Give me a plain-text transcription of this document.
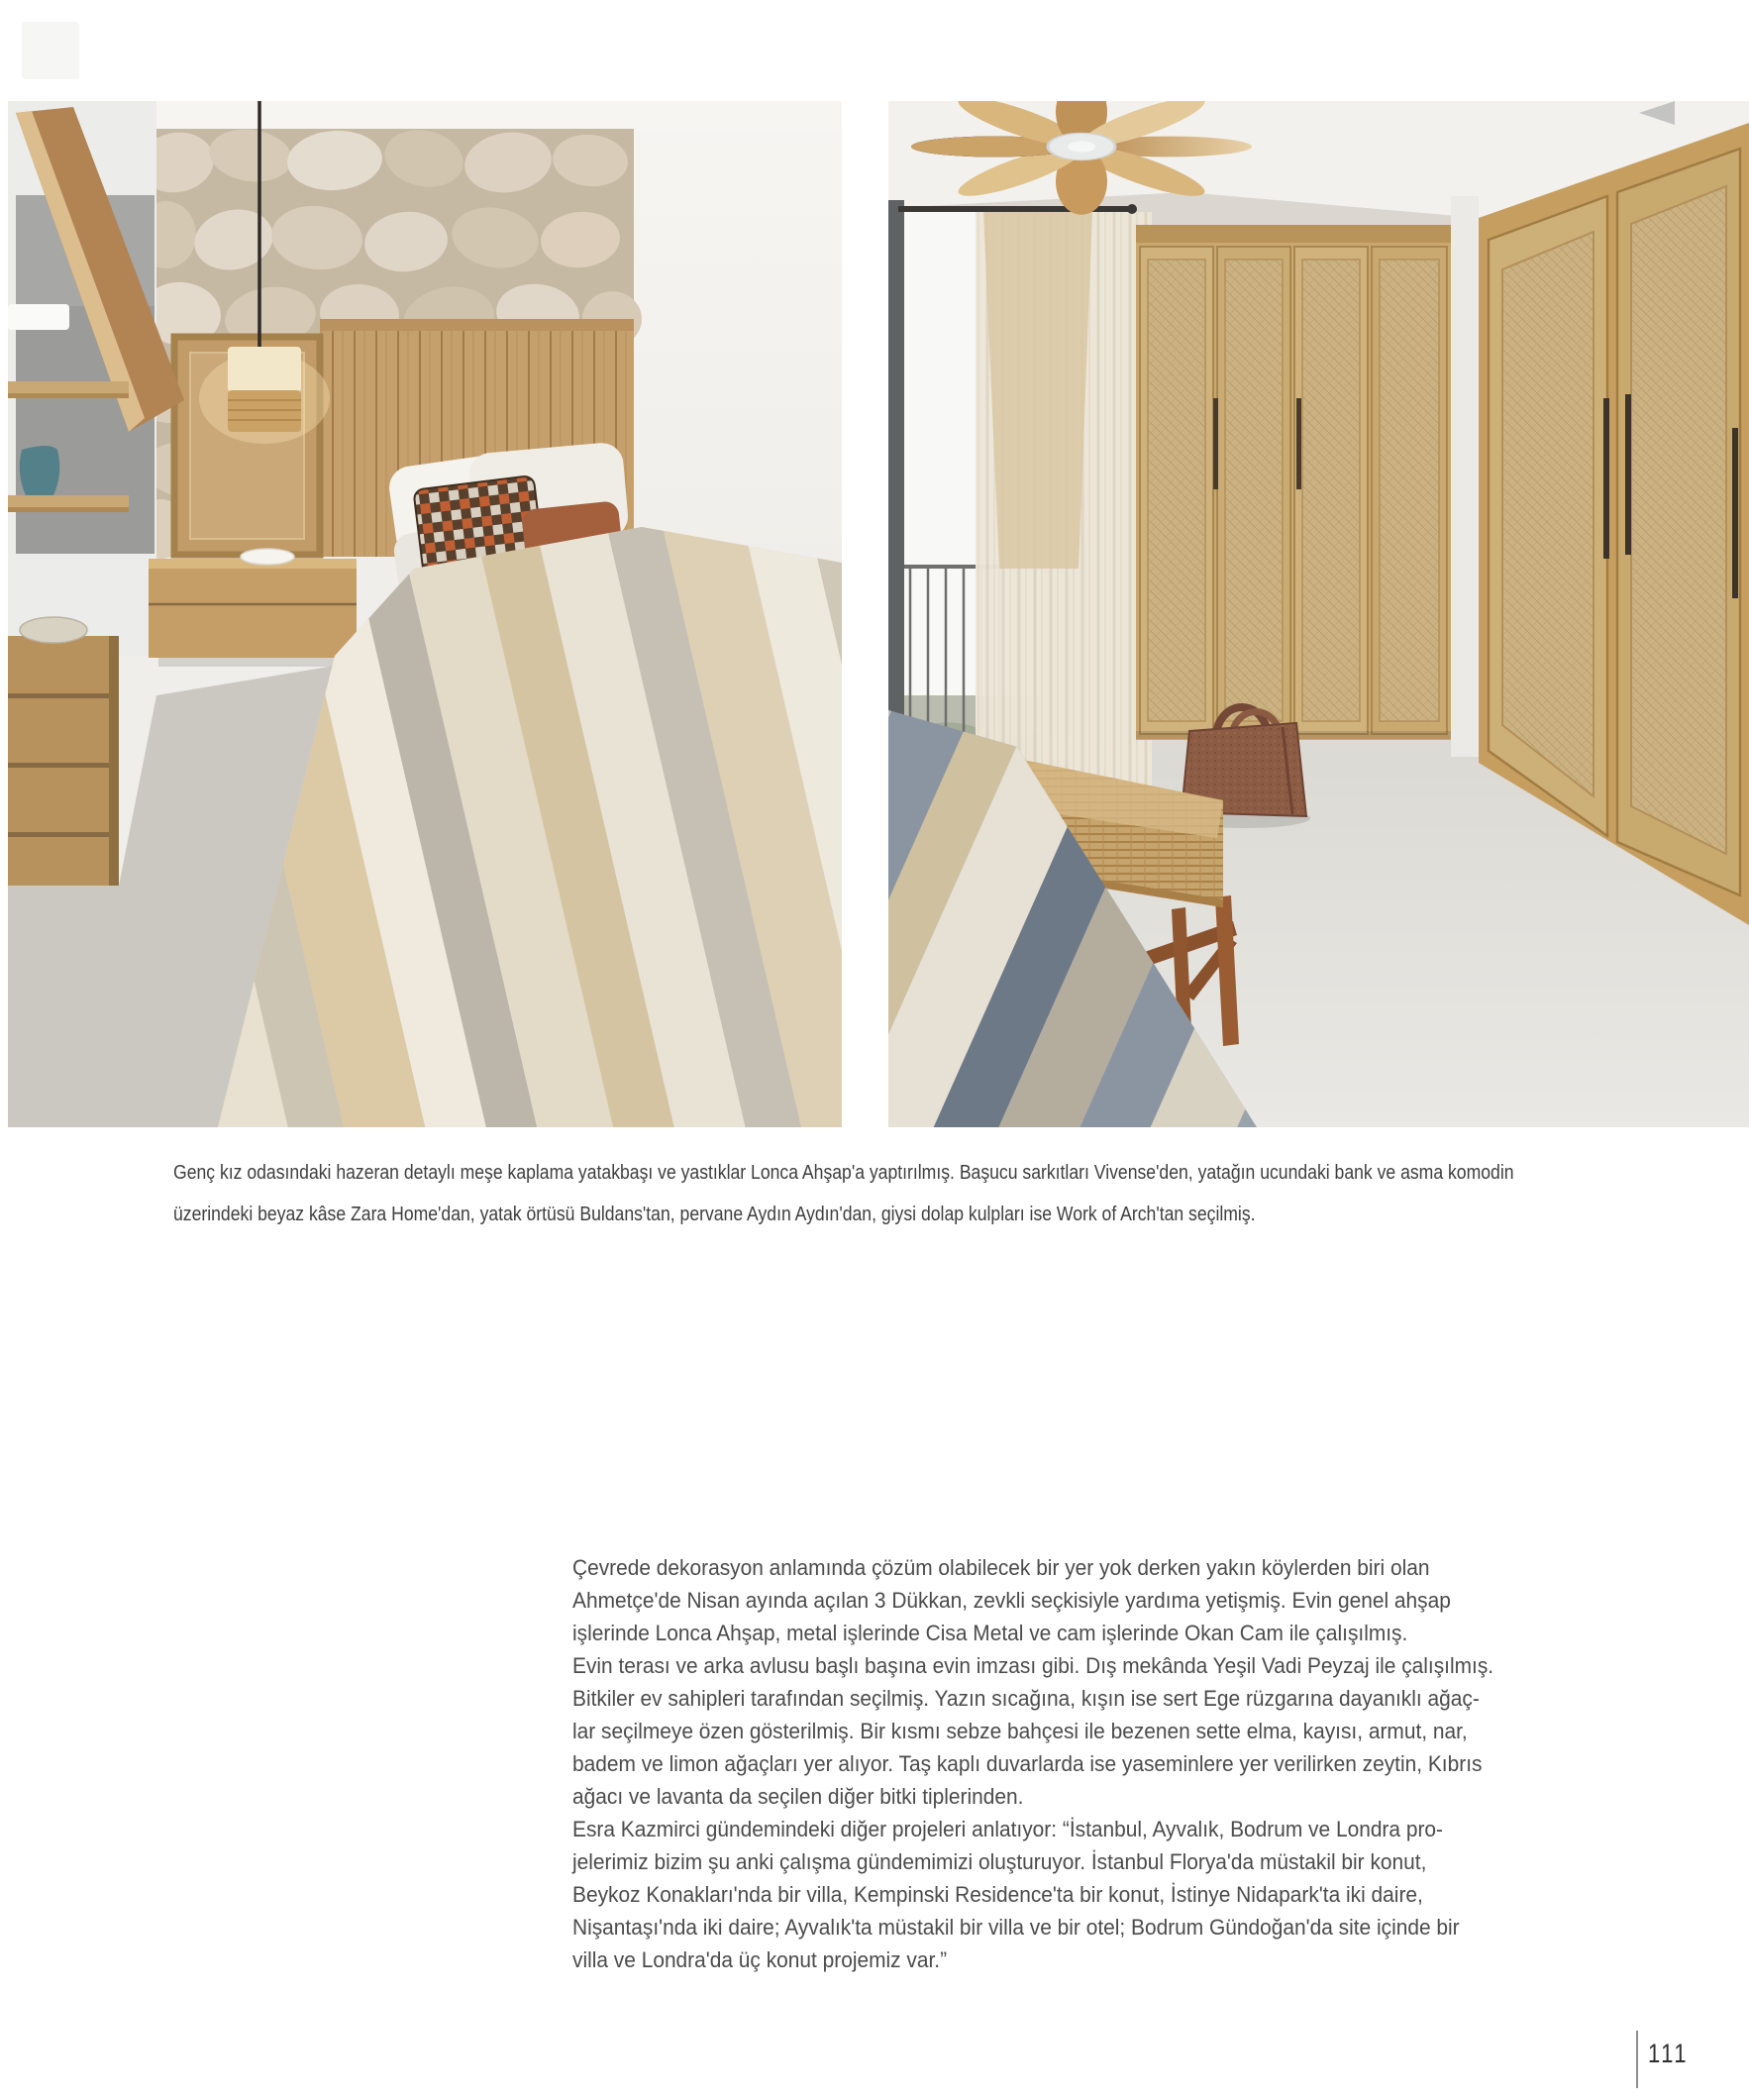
Genç kız odasındaki hazeran detaylı meşe kaplama yatakbaşı ve yastıklar Lonca Ahşap'a yaptırılmış. Başucu sarkıtları Vivense'den, yatağın ucundaki bank ve asma komodin
üzerindeki beyaz kâse Zara Home'dan, yatak örtüsü Buldans'tan, pervane Aydın Aydın'dan, giysi dolap kulpları ise Work of Arch'tan seçilmiş.
Çevrede dekorasyon anlamında çözüm olabilecek bir yer yok derken yakın köylerden biri olan
Ahmetçe'de Nisan ayında açılan 3 Dükkan, zevkli seçkisiyle yardıma yetişmiş. Evin genel ahşap
işlerinde Lonca Ahşap, metal işlerinde Cisa Metal ve cam işlerinde Okan Cam ile çalışılmış.
Evin terası ve arka avlusu başlı başına evin imzası gibi. Dış mekânda Yeşil Vadi Peyzaj ile çalışılmış.
Bitkiler ev sahipleri tarafından seçilmiş. Yazın sıcağına, kışın ise sert Ege rüzgarına dayanıklı ağaç-
lar seçilmeye özen gösterilmiş. Bir kısmı sebze bahçesi ile bezenen sette elma, kayısı, armut, nar,
badem ve limon ağaçları yer alıyor. Taş kaplı duvarlarda ise yaseminlere yer verilirken zeytin, Kıbrıs
ağacı ve lavanta da seçilen diğer bitki tiplerinden.
Esra Kazmirci gündemindeki diğer projeleri anlatıyor: “İstanbul, Ayvalık, Bodrum ve Londra pro-
jelerimiz bizim şu anki çalışma gündemimizi oluşturuyor. İstanbul Florya'da müstakil bir konut,
Beykoz Konakları'nda bir villa, Kempinski Residence'ta bir konut, İstinye Nidapark'ta iki daire,
Nişantaşı'nda iki daire; Ayvalık'ta müstakil bir villa ve bir otel; Bodrum Gündoğan'da site içinde bir
villa ve Londra'da üç konut projemiz var.”
111
